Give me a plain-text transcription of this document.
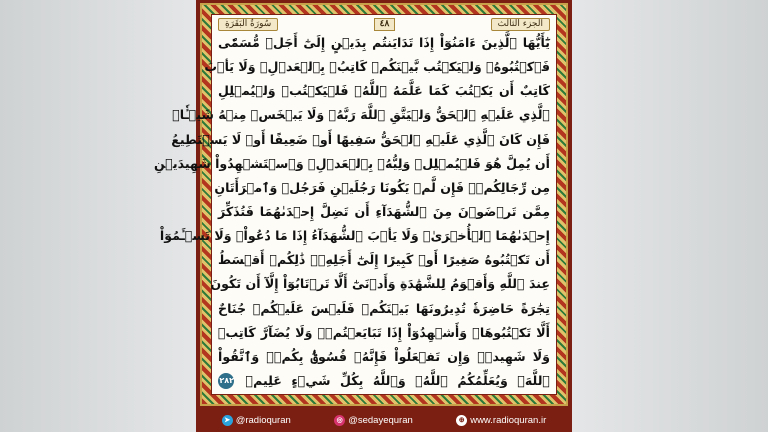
سُورَةُ البَقَرَةِ	٤٨	الجزء الثالث
يَٰٓأَيُّهَا ٱلَّذِينَ ءَامَنُوٓاْ إِذَا تَدَايَنتُم بِدَيۡنٍ إِلَىٰٓ أَجَلٖ مُّسَمّٗى
فَٱكۡتُبُوهُۚ وَلۡيَكۡتُب بَّيۡنَكُمۡ كَاتِبُۢ بِٱلۡعَدۡلِۚ وَلَا يَأۡبَ
كَاتِبٌ أَن يَكۡتُبَ كَمَا عَلَّمَهُ ٱللَّهُۚ فَلۡيَكۡتُبۡ وَلۡيُمۡلِلِ
ٱلَّذِي عَلَيۡهِ ٱلۡحَقُّ وَلۡيَتَّقِ ٱللَّهَ رَبَّهُۥ وَلَا يَبۡخَسۡ مِنۡهُ شَيۡـٔٗاۚ
فَإِن كَانَ ٱلَّذِي عَلَيۡهِ ٱلۡحَقُّ سَفِيهًا أَوۡ ضَعِيفًا أَوۡ لَا يَسۡتَطِيعُ
أَن يُمِلَّ هُوَ فَلۡيُمۡلِلۡ وَلِيُّهُۥ بِٱلۡعَدۡلِۚ وَٱسۡتَشۡهِدُواْ شَهِيدَيۡنِ
مِن رِّجَالِكُمۡۖ فَإِن لَّمۡ يَكُونَا رَجُلَيۡنِ فَرَجُلٞ وَٱمۡرَأَتَانِ
مِمَّن تَرۡضَوۡنَ مِنَ ٱلشُّهَدَآءِ أَن تَضِلَّ إِحۡدَىٰهُمَا فَتُذَكِّرَ
إِحۡدَىٰهُمَا ٱلۡأُخۡرَىٰۚ وَلَا يَأۡبَ ٱلشُّهَدَآءُ إِذَا مَا دُعُواْۚ وَلَا تَسۡـَٔمُوٓاْ
أَن تَكۡتُبُوهُ صَغِيرًا أَوۡ كَبِيرًا إِلَىٰٓ أَجَلِهِۦۚ ذَٰلِكُمۡ أَقۡسَطُ
عِندَ ٱللَّهِ وَأَقۡوَمُ لِلشَّهَٰدَةِ وَأَدۡنَىٰٓ أَلَّا تَرۡتَابُوٓاْ إِلَّآ أَن تَكُونَ
تِجَٰرَةً حَاضِرَةٗ تُدِيرُونَهَا بَيۡنَكُمۡ فَلَيۡسَ عَلَيۡكُمۡ جُنَاحٌ
أَلَّا تَكۡتُبُوهَاۗ وَأَشۡهِدُوٓاْ إِذَا تَبَايَعۡتُمۡۚ وَلَا يُضَآرَّ كَاتِبٞ
وَلَا شَهِيدٞۚ وَإِن تَفۡعَلُواْ فَإِنَّهُۥ فُسُوقُۢ بِكُمۡۗ وَٱتَّقُواْ
ٱللَّهَۖ وَيُعَلِّمُكُمُ ٱللَّهُۗ وَٱللَّهُ بِكُلِّ شَيۡءٍ عَلِيمٞ ٢٨٢
➤ @radioquran	◎ @sedayequran	⊕ www.radioquran.ir
